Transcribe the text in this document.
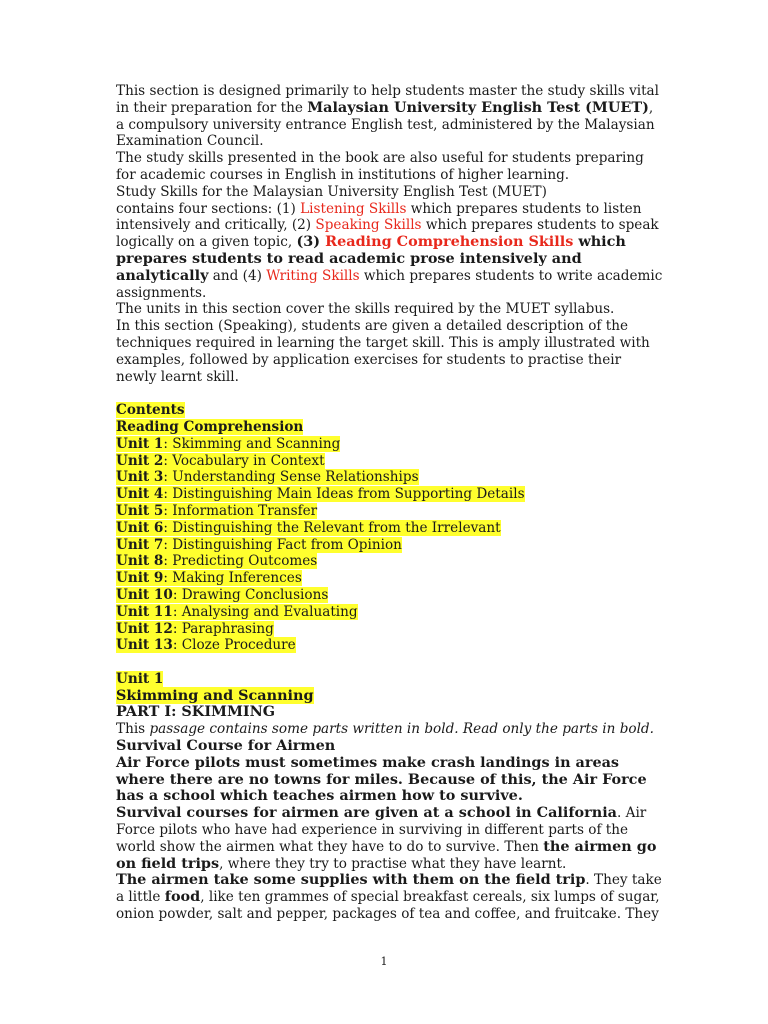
This section is designed primarily to help students master the study skills vital in their preparation for the Malaysian University English Test (MUET), a compulsory university entrance English test, administered by the Malaysian Examination Council.

The study skills presented in the book are also useful for students preparing for academic courses in English in institutions of higher learning.

Study Skills for the Malaysian University English Test (MUET)

contains four sections: (1) Listening Skills which prepares students to listen intensively and critically, (2) Speaking Skills which prepares students to speak logically on a given topic, (3) Reading Comprehension Skills which prepares students to read academic prose intensively and analytically and (4) Writing Skills which prepares students to write academic assignments.

The units in this section cover the skills required by the MUET syllabus.

In this section (Speaking), students are given a detailed description of the techniques required in learning the target skill. This is amply illustrated with examples, followed by application exercises for students to practise their newly learnt skill.

Contents
Reading Comprehension
Unit 1: Skimming and Scanning
Unit 2: Vocabulary in Context
Unit 3: Understanding Sense Relationships
Unit 4: Distinguishing Main Ideas from Supporting Details
Unit 5: Information Transfer
Unit 6: Distinguishing the Relevant from the Irrelevant
Unit 7: Distinguishing Fact from Opinion
Unit 8: Predicting Outcomes
Unit 9: Making Inferences
Unit 10: Drawing Conclusions
Unit 11: Analysing and Evaluating
Unit 12: Paraphrasing
Unit 13: Cloze Procedure
Unit 1
Skimming and Scanning
PART I: SKIMMING

This passage contains some parts written in bold. Read only the parts in bold.

Survival Course for Airmen

Air Force pilots must sometimes make crash landings in areas where there are no towns for miles. Because of this, the Air Force has a school which teaches airmen how to survive.

Survival courses for airmen are given at a school in California. Air Force pilots who have had experience in surviving in different parts of the world show the airmen what they have to do to survive. Then the airmen go on field trips, where they try to practise what they have learnt.

The airmen take some supplies with them on the field trip. They take a little food, like ten grammes of special breakfast cereals, six lumps of sugar, onion powder, salt and pepper, packages of tea and coffee, and fruitcake. They

1
